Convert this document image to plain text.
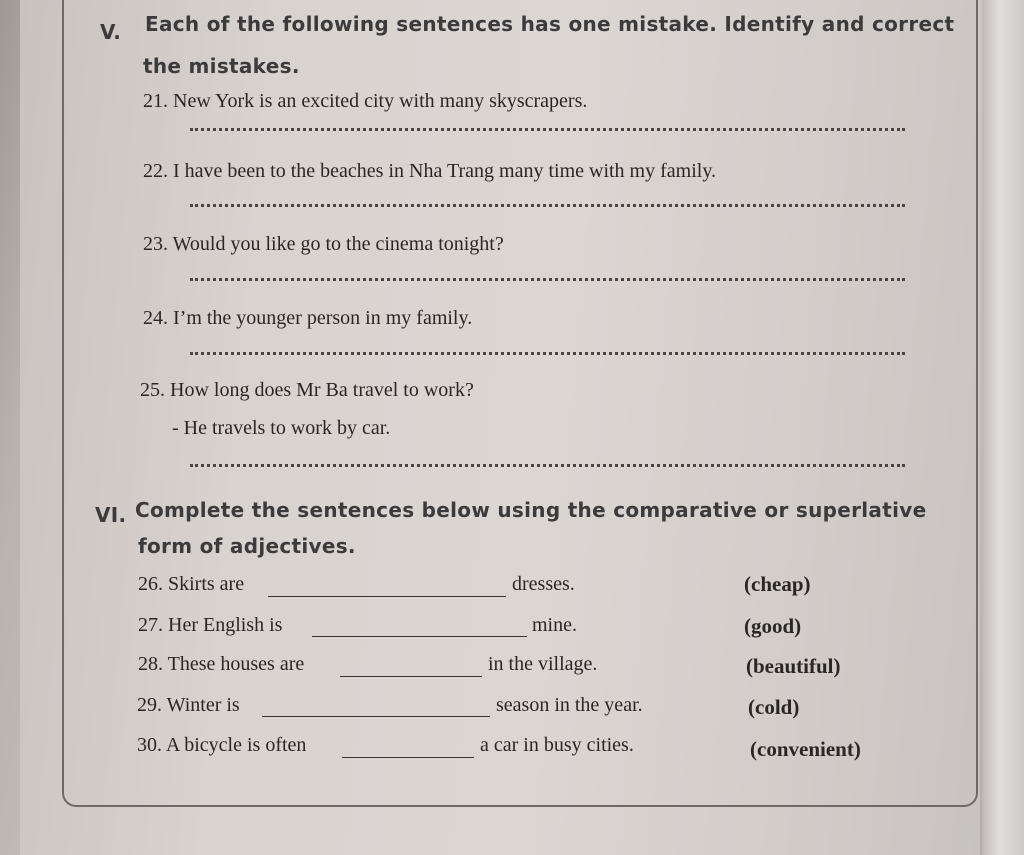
V. Each of the following sentences has one mistake. Identify and correct
the mistakes.
21. New York is an excited city with many skyscrapers.
22. I have been to the beaches in Nha Trang many time with my family.
23. Would you like go to the cinema tonight?
24. I’m the younger person in my family.
25. How long does Mr Ba travel to work?
- He travels to work by car.
VI. Complete the sentences below using the comparative or superlative
form of adjectives.
26. Skirts are	dresses.	(cheap)
27. Her English is	mine.	(good)
28. These houses are	in the village.	(beautiful)
29. Winter is	season in the year.	(cold)
30. A bicycle is often	a car in busy cities.	(convenient)
